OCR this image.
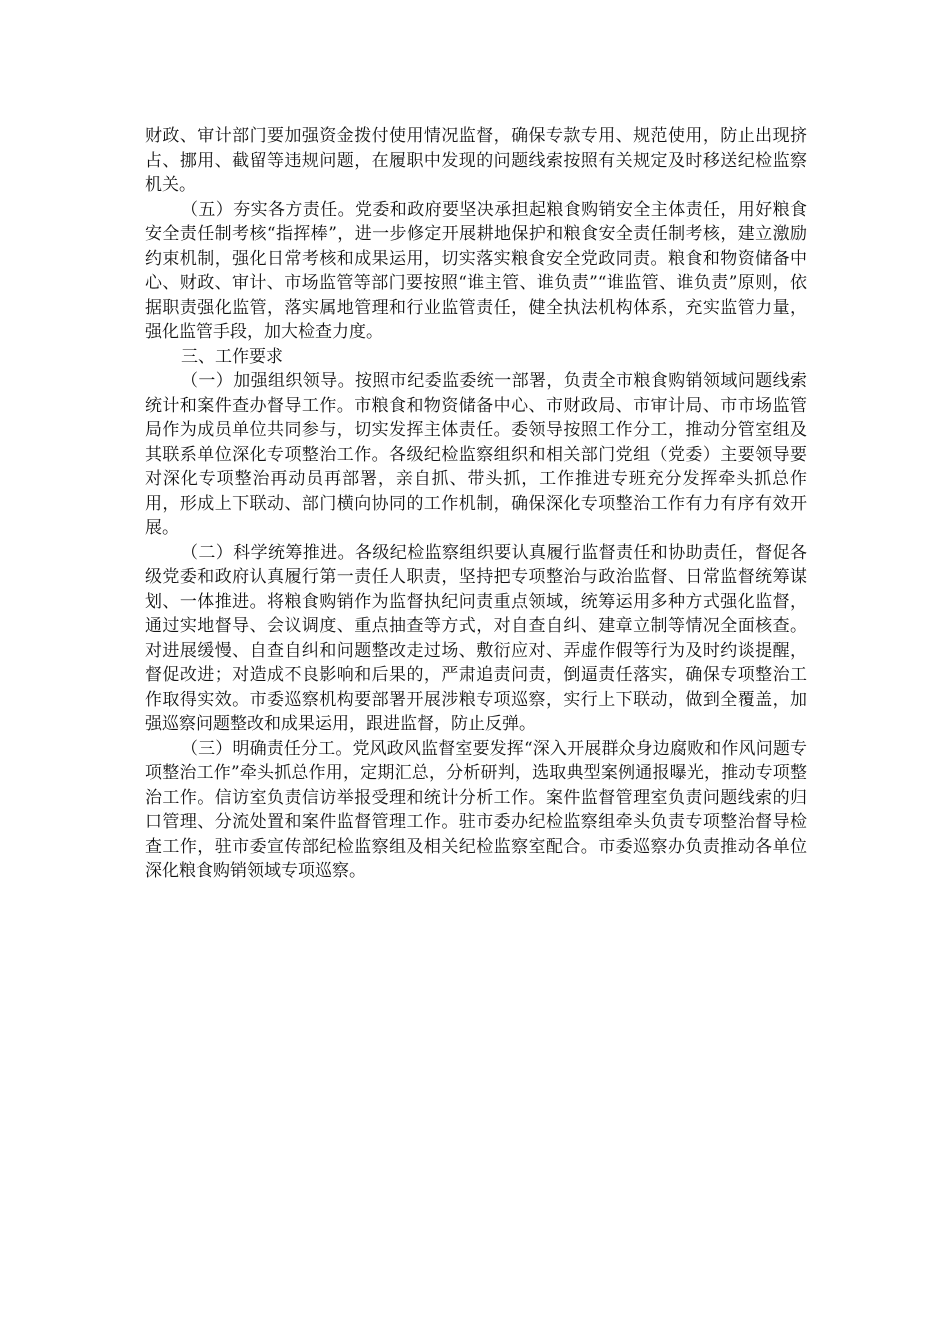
财政、审计部门要加强资金拨付使用情况监督，确保专款专用、规范使用，防止出现挤占、挪用、截留等违规问题，在履职中发现的问题线索按照有关规定及时移送纪检监察机关。

（五）夯实各方责任。党委和政府要坚决承担起粮食购销安全主体责任，用好粮食安全责任制考核“指挥棒”，进一步修定开展耕地保护和粮食安全责任制考核，建立激励约束机制，强化日常考核和成果运用，切实落实粮食安全党政同责。粮食和物资储备中心、财政、审计、市场监管等部门要按照“谁主管、谁负责”“谁监管、谁负责”原则，依据职责强化监管，落实属地管理和行业监管责任，健全执法机构体系，充实监管力量，强化监管手段，加大检查力度。

三、工作要求

（一）加强组织领导。按照市纪委监委统一部署，负责全市粮食购销领域问题线索统计和案件查办督导工作。市粮食和物资储备中心、市财政局、市审计局、市市场监管局作为成员单位共同参与，切实发挥主体责任。委领导按照工作分工，推动分管室组及其联系单位深化专项整治工作。各级纪检监察组织和相关部门党组（党委）主要领导要对深化专项整治再动员再部署，亲自抓、带头抓，工作推进专班充分发挥牵头抓总作用，形成上下联动、部门横向协同的工作机制，确保深化专项整治工作有力有序有效开展。

（二）科学统筹推进。各级纪检监察组织要认真履行监督责任和协助责任，督促各级党委和政府认真履行第一责任人职责，坚持把专项整治与政治监督、日常监督统筹谋划、一体推进。将粮食购销作为监督执纪问责重点领域，统筹运用多种方式强化监督，通过实地督导、会议调度、重点抽查等方式，对自查自纠、建章立制等情况全面核查。对进展缓慢、自查自纠和问题整改走过场、敷衍应对、弄虚作假等行为及时约谈提醒，督促改进；对造成不良影响和后果的，严肃追责问责，倒逼责任落实，确保专项整治工作取得实效。市委巡察机构要部署开展涉粮专项巡察，实行上下联动，做到全覆盖，加强巡察问题整改和成果运用，跟进监督，防止反弹。

（三）明确责任分工。党风政风监督室要发挥“深入开展群众身边腐败和作风问题专项整治工作”牵头抓总作用，定期汇总，分析研判，选取典型案例通报曝光，推动专项整治工作。信访室负责信访举报受理和统计分析工作。案件监督管理室负责问题线索的归口管理、分流处置和案件监督管理工作。驻市委办纪检监察组牵头负责专项整治督导检查工作，驻市委宣传部纪检监察组及相关纪检监察室配合。市委巡察办负责推动各单位深化粮食购销领域专项巡察。
